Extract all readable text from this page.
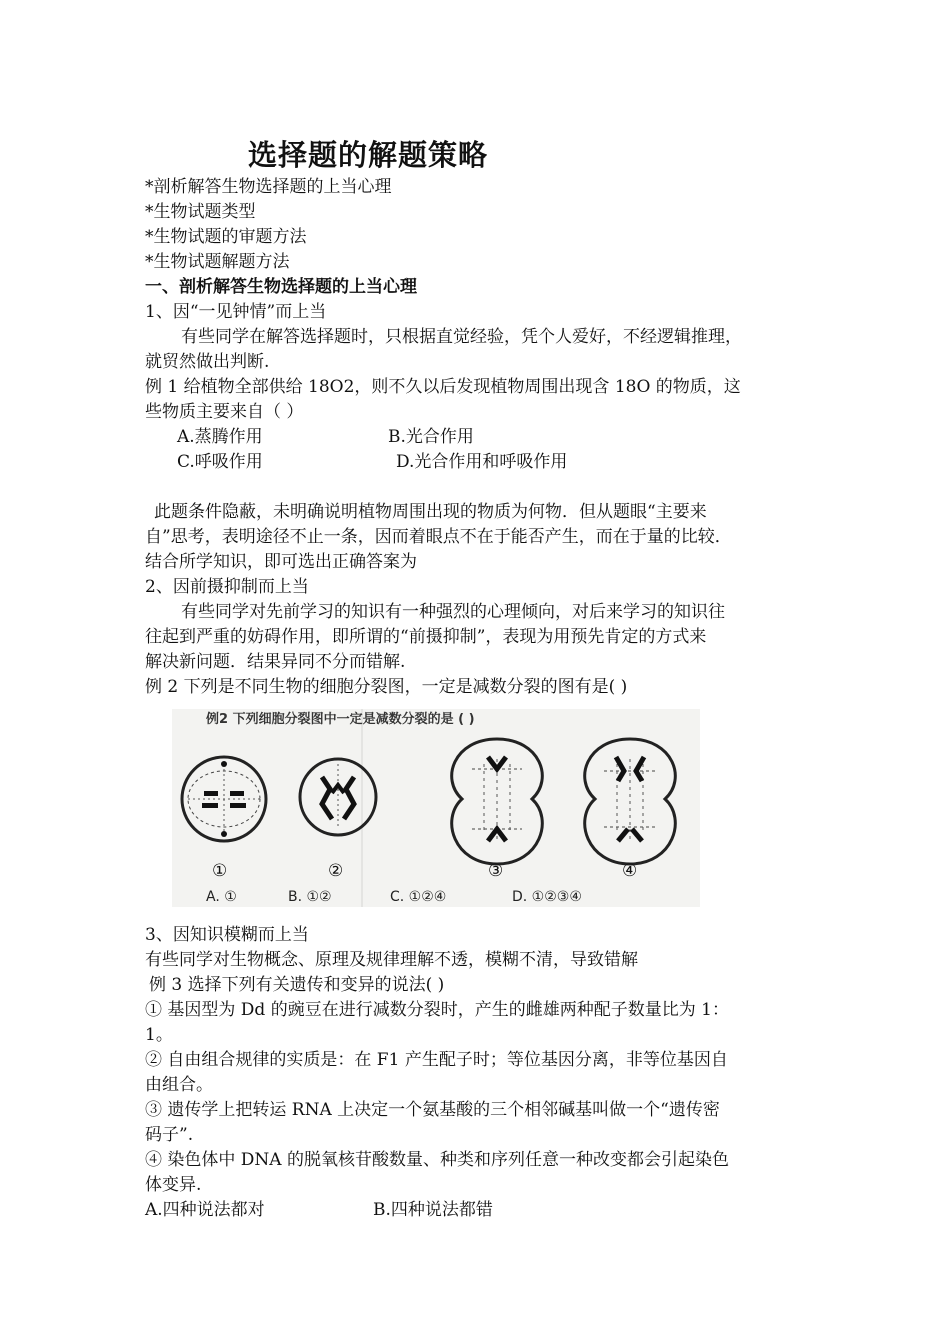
选择题的解题策略
*剖析解答生物选择题的上当心理
*生物试题类型
*生物试题的审题方法
*生物试题解题方法
一、剖析解答生物选择题的上当心理
1、因“一见钟情”而上当
有些同学在解答选择题时，只根据直觉经验，凭个人爱好，不经逻辑推理，
就贸然做出判断.
例 1 给植物全部供给 18O2，则不久以后发现植物周围出现含 18O 的物质，这
些物质主要来自（ ）
A.蒸腾作用	B.光合作用
C.呼吸作用	D.光合作用和呼吸作用
此题条件隐蔽，未明确说明植物周围出现的物质为何物．但从题眼“主要来
自”思考，表明途径不止一条，因而着眼点不在于能否产生，而在于量的比较．
结合所学知识，即可选出正确答案为
2、因前摄抑制而上当
有些同学对先前学习的知识有一种强烈的心理倾向，对后来学习的知识往
往起到严重的妨碍作用，即所谓的“前摄抑制”，表现为用预先肯定的方式来
解决新问题．结果异同不分而错解.
例 2 下列是不同生物的细胞分裂图，一定是减数分裂的图有是( )
例2 下列细胞分裂图中一定是减数分裂的是 ( )
①	②	③	④
A. ①	B. ①②	C. ①②④	D. ①②③④
3、因知识模糊而上当
有些同学对生物概念、原理及规律理解不透，模糊不清，导致错解
例 3 选择下列有关遗传和变异的说法( )
① 基因型为 Dd 的豌豆在进行减数分裂时，产生的雌雄两种配子数量比为 1：
1。
② 自由组合规律的实质是：在 F1 产生配子时；等位基因分离，非等位基因自
由组合。
③ 遗传学上把转运 RNA 上决定一个氨基酸的三个相邻碱基叫做一个“遗传密
码子”.
④ 染色体中 DNA 的脱氧核苷酸数量、种类和序列任意一种改变都会引起染色
体变异.
A.四种说法都对	B.四种说法都错
